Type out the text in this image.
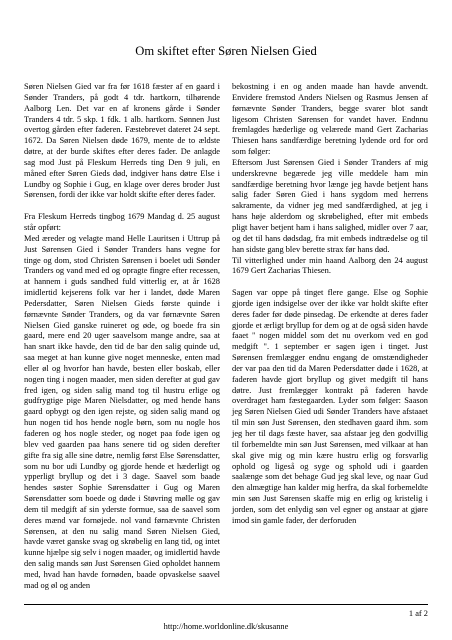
Om skiftet efter Søren Nielsen Gied

Søren Nielsen Gied var fra før 1618 fæster af en gaard i Sønder Tranders, på godt 4 tdr. hartkorn, tilhørende Aalborg Len. Det var en af kronens gårde i Sønder Tranders 4 tdr. 5 skp. 1 fdk. 1 alb. hartkorn. Sønnen Just overtog gården efter faderen. Fæstebrevet dateret 24 sept. 1672. Da Søren Nielsen døde 1679, mente de to ældste døtre, at der burde skiftes efter deres fader. De anlagde sag mod Just på Fleskum Herreds ting Den 9 juli, en måned efter Søren Gieds død, indgiver hans døtre Else i Lundby og Sophie i Gug, en klage over deres broder Just Sørensen, fordi der ikke var holdt skifte efter deres fader.

Fra Fleskum Herreds tingbog 1679 Mandag d. 25 august står opført:
Med æreder og velagte mand Helle Lauritsen i Uttrup på Just Sørensen Gied i Sønder Tranders hans vegne for tinge og dom, stod Christen Sørensen i boelet udi Sønder Tranders og vand med ed og opragte fingre efter recessen, at hannem i guds sandhed fuld vitterlig er, at år 1628 imidlertid kejserens folk var her i landet, døde Maren Pedersdatter, Søren Nielsen Gieds første quinde i førnævnte Sønder Tranders, og da var førnævnte Søren Nielsen Gied ganske ruineret og øde, og boede fra sin gaard, mere end 20 uger saavelsom mange andre, saa at han snart ikke havde, den tid de bar den salig quinde ud, saa meget at han kunne give noget menneske, enten mad eller øl og hvorfor han havde, besten eller boskab, eller nogen ting i nogen maader, men siden derefter at gud gav fred igen, og siden salig mand tog til hustru erlige og gudfrygtige pige Maren Nielsdatter, og med hende hans gaard opbygt og den igen rejste, og siden salig mand og hun nogen tid hos hende nogle børn, som nu nogle hos faderen og hos nogle steder, og noget paa fode igen og blev ved gaarden paa hans senere tid og siden derefter gifte fra sig alle sine døtre, nemlig først Else Sørensdatter, som nu bor udi Lundby og gjorde hende et hæderligt og ypperligt bryllup og det i 3 dage. Saavel som baade hendes søster Sophie Sørensdatter i Gug og Maren Sørensdatter som boede og døde i Støvring mølle og gav dem til medgift af sin yderste formue, saa de saavel som deres mænd var fornøjede. nol vand førnævnte Christen Sørensen, at den nu salig mand Søren Nielsen Gied, havde været ganske svag og skrøbelig en lang tid, og intet kunne hjælpe sig selv i nogen maader, og imidlertid havde den salig mands søn Just Sørensen Gied opholdet hannem med, hvad han havde fornøden, baade opvaskelse saavel mad og øl og anden

bekostning i en og anden maade han havde anvendt. Envidere fremstod Anders Nielsen og Rasmus Jensen af førnævnte Sønder Tranders, begge svarer blot sandt ligesom Christen Sørensen for vandet haver. Endnnu fremlagdes hæderlige og velærede mand Gert Zacharias Thiesen hans sandfærdige beretning lydende ord for ord som følger:
Eftersom Just Sørensen Gied i Sønder Tranders af mig underskrevne begærede jeg ville meddele ham min sandfærdige beretning hvor længe jeg havde betjent hans salig fader Søren Gied i hans sygdom med herrens sakramente, da vidner jeg med sandfærdighed, at jeg i hans høje alderdom og skrøbelighed, efter mit embeds pligt haver betjent ham i hans salighed, midler over 7 aar, og det til hans dødsdag, fra mit embeds indtrædelse og til han sidste gang blev berette strax før hans død.
Til vitterlighed under min haand Aalborg den 24 august 1679 Gert Zacharias Thiesen.

Sagen var oppe på tinget flere gange. Else og Sophie gjorde igen indsigelse over der ikke var holdt skifte efter deres fader før døde pinsedag. De erkendte at deres fader gjorde et ærligt bryllup for dem og at de også siden havde faaet " nogen middel som det nu overkom ved en god medgift ". 1 september er sagen igen i tinget. Just Sørensen fremlægger endnu engang de omstændigheder der var paa den tid da Maren Pedersdatter døde i 1628, at faderen havde gjort bryllup og givet medgift til hans døtre. Just fremlægger kontrakt på faderen havde overdraget ham fæstegaarden. Lyder som følger: Saason jeg Søren Nielsen Gied udi Sønder Tranders have afstaaet til min søn Just Sørensen, den stedhaven gaard ihm. som jeg her til dags fæste haver, saa afstaar jeg den godvillig til forbemeldte min søn Just Sørensen, med vilkaar at han skal give mig og min kære hustru erlig og forsvarlig ophold og ligeså og syge og sphold udi i gaarden saalænge som det behage Gud jeg skal leve, og naar Gud den almægtige han kalder mig herfra, da skal forbemeldte min søn Just Sørensen skaffe mig en erlig og kristelig i jorden, som det enlydig søn vel egner og anstaar at gjøre imod sin gamle fader, der derforuden

1 af 2
http://home.worldonline.dk/skusanne
